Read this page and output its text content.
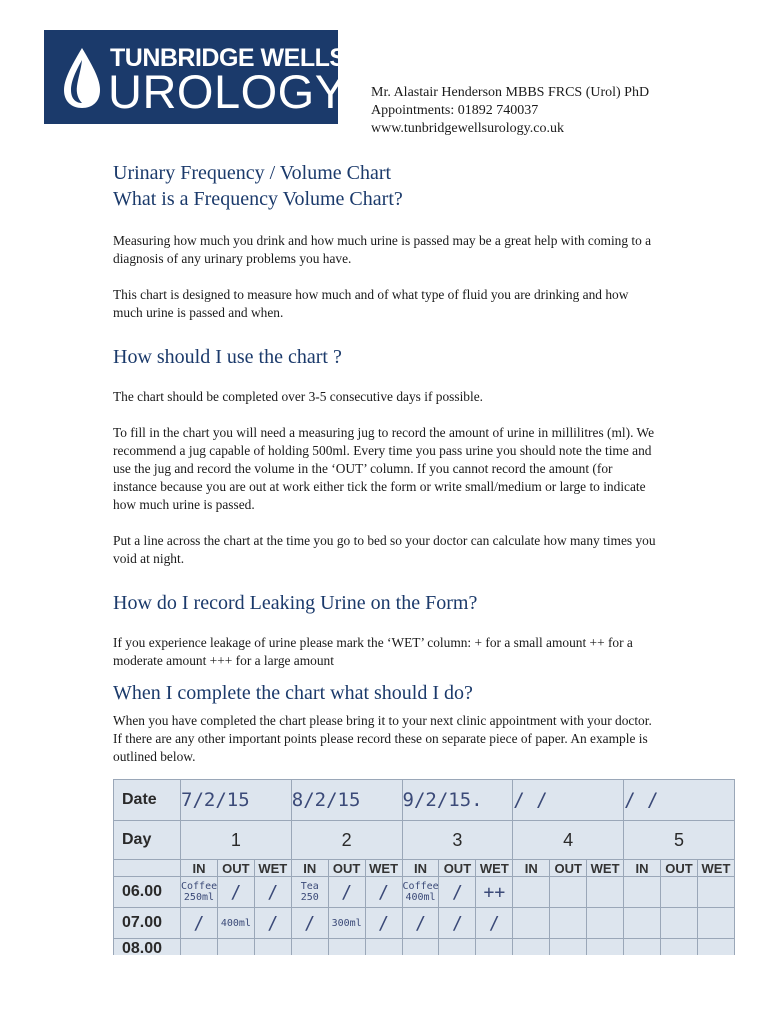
TUNBRIDGE WELLS
UROLOGY Mr. Alastair Henderson MBBS FRCS (Urol) PhD
Appointments: 01892 740037
www.tunbridgewellsurology.co.uk
Urinary Frequency / Volume Chart
What is a Frequency Volume Chart?

Measuring how much you drink and how much urine is passed may be a great help with coming to a diagnosis of any urinary problems you have.

This chart is designed to measure how much and of what type of fluid you are drinking and how much urine is passed and when.

How should I use the chart ?

The chart should be completed over 3-5 consecutive days if possible.

To fill in the chart you will need a measuring jug to record the amount of urine in millilitres (ml). We recommend a jug capable of holding 500ml. Every time you pass urine you should note the time and use the jug and record the volume in the ‘OUT’ column. If you cannot record the amount (for instance because you are out at work either tick the form or write small/medium or large to indicate how much urine is passed.

Put a line across the chart at the time you go to bed so your doctor can calculate how many times you void at night.

How do I record Leaking Urine on the Form?

If you experience leakage of urine please mark the ‘WET’ column: + for a small amount ++ for a moderate amount +++ for a large amount

When I complete the chart what should I do?

When you have completed the chart please bring it to your next clinic appointment with your doctor. If there are any other important points please record these on separate piece of paper. An example is outlined below.

Date	7/2/15			8/2/15			9/2/15.			/ /			/ /		
Day	1			2			3			4			5		
	IN	OUT	WET	IN	OUT	WET	IN	OUT	WET	IN	OUT	WET	IN	OUT	WET
06.00	Coffee 250ml	/	/	Tea 250	/	/	Coffee 400ml	/	++						
07.00	/	400ml	/	/	300ml	/	/	/	/						
08.00															
